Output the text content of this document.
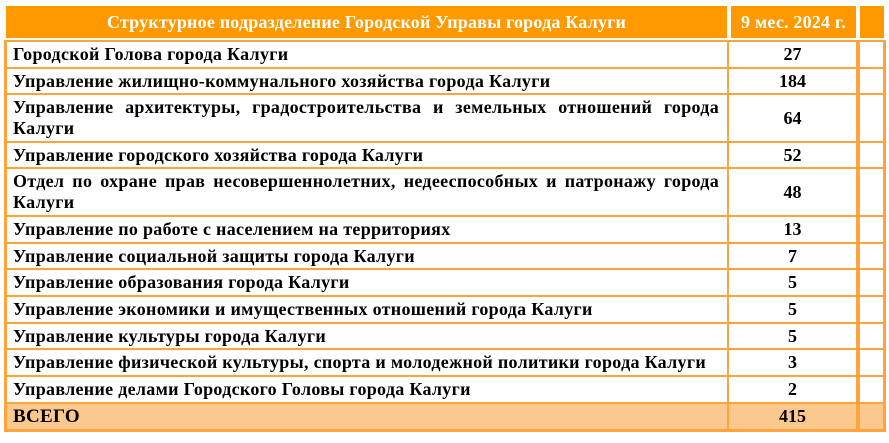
Структурное подразделение Городской Управы города Калуги	9 мес. 2024 г.	
Городской Голова города Калуги	27	
Управление жилищно-коммунального хозяйства города Калуги	184	
Управление архитектуры, градостроительства и земельных отношений города Калуги	64	
Управление городского хозяйства города Калуги	52	
Отдел по охране прав несовершеннолетних, недееспособных и патронажу города Калуги	48	
Управление по работе с населением на территориях	13	
Управление социальной защиты города Калуги	7	
Управление образования города Калуги	5	
Управление экономики и имущественных отношений города Калуги	5	
Управление культуры города Калуги	5	
Управление физической культуры, спорта и молодежной политики города Калуги	3	
Управление делами Городского Головы города Калуги	2	
ВСЕГО	415	
